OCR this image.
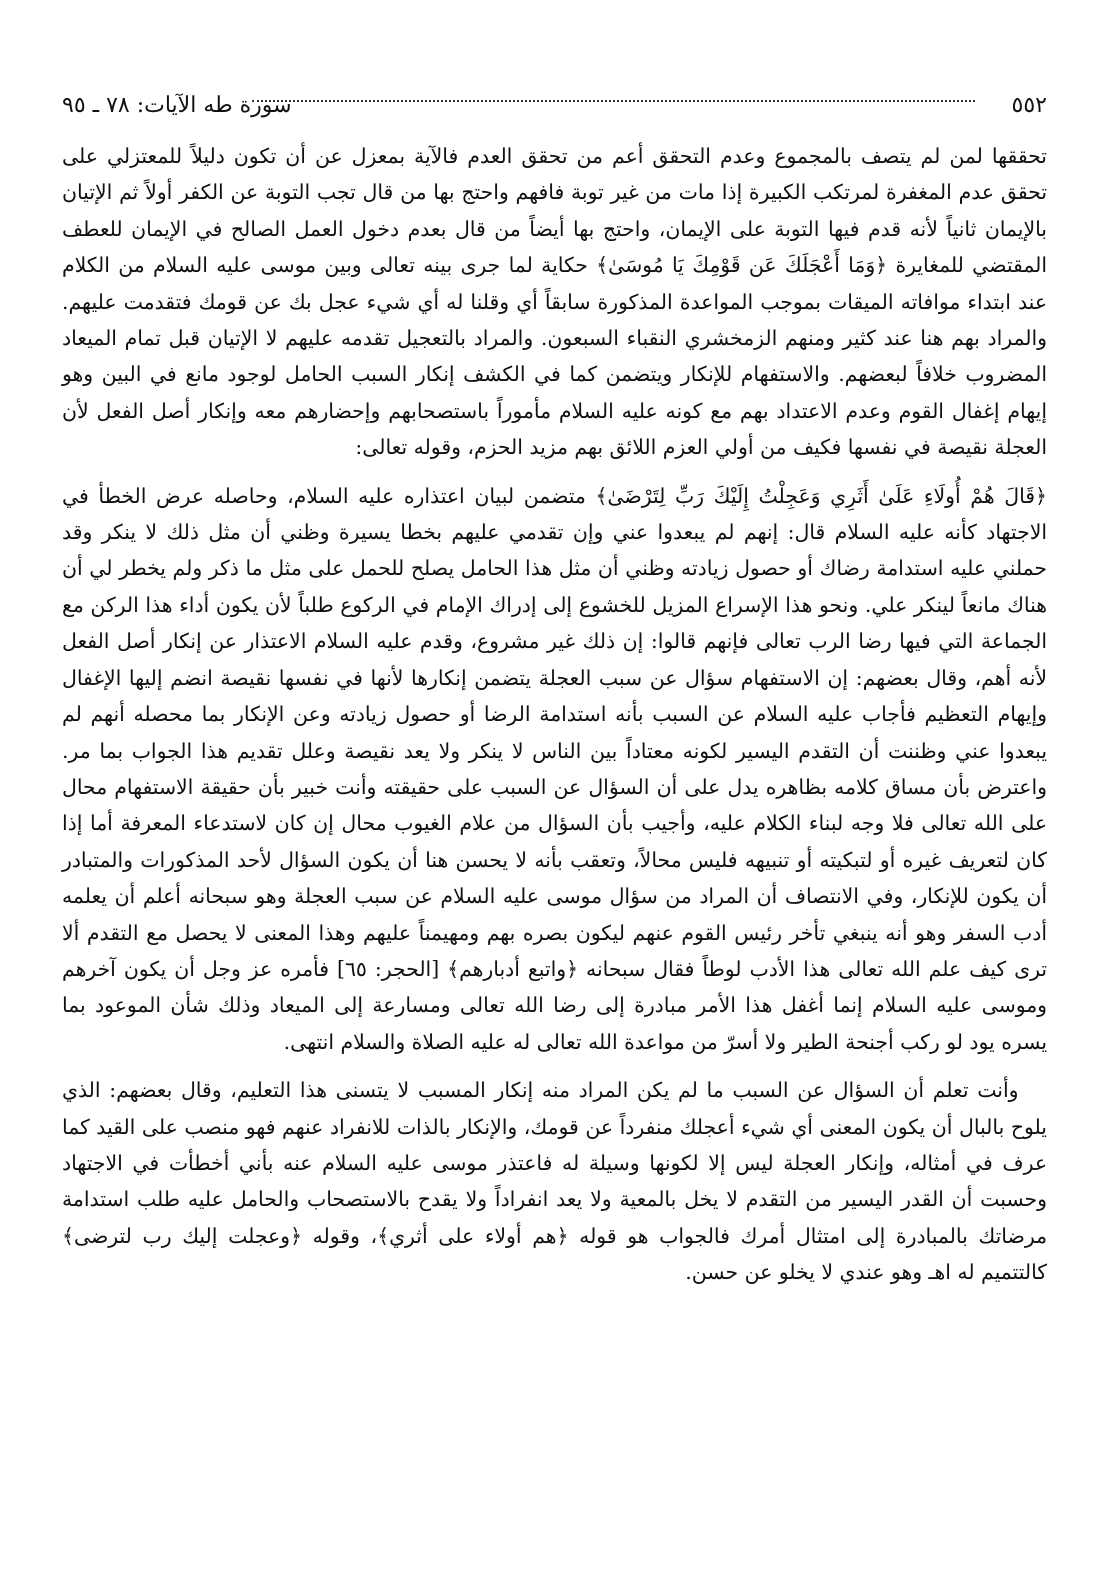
٥٥٢
سورة طه الآيات: ٧٨ ـ ٩٥

تحققها لمن لم يتصف بالمجموع وعدم التحقق أعم من تحقق العدم فالآية بمعزل عن أن تكون دليلاً للمعتزلي على تحقق عدم المغفرة لمرتكب الكبيرة إذا مات من غير توبة فافهم واحتج بها من قال تجب التوبة عن الكفر أولاً ثم الإتيان بالإيمان ثانياً لأنه قدم فيها التوبة على الإيمان، واحتج بها أيضاً من قال بعدم دخول العمل الصالح في الإيمان للعطف المقتضي للمغايرة ﴿وَمَا أَعْجَلَكَ عَن قَوْمِكَ يَا مُوسَىٰ﴾ حكاية لما جرى بينه تعالى وبين موسى عليه السلام من الكلام عند ابتداء موافاته الميقات بموجب المواعدة المذكورة سابقاً أي وقلنا له أي شيء عجل بك عن قومك فتقدمت عليهم. والمراد بهم هنا عند كثير ومنهم الزمخشري النقباء السبعون. والمراد بالتعجيل تقدمه عليهم لا الإتيان قبل تمام الميعاد المضروب خلافاً لبعضهم. والاستفهام للإنكار ويتضمن كما في الكشف إنكار السبب الحامل لوجود مانع في البين وهو إيهام إغفال القوم وعدم الاعتداد بهم مع كونه عليه السلام مأموراً باستصحابهم وإحضارهم معه وإنكار أصل الفعل لأن العجلة نقيصة في نفسها فكيف من أولي العزم اللائق بهم مزيد الحزم، وقوله تعالى:

﴿قَالَ هُمْ أُولَاءِ عَلَىٰ أَثَرِي وَعَجِلْتُ إِلَيْكَ رَبِّ لِتَرْضَىٰ﴾ متضمن لبيان اعتذاره عليه السلام، وحاصله عرض الخطأ في الاجتهاد كأنه عليه السلام قال: إنهم لم يبعدوا عني وإن تقدمي عليهم بخطا يسيرة وظني أن مثل ذلك لا ينكر وقد حملني عليه استدامة رضاك أو حصول زيادته وظني أن مثل هذا الحامل يصلح للحمل على مثل ما ذكر ولم يخطر لي أن هناك مانعاً لينكر علي. ونحو هذا الإسراع المزيل للخشوع إلى إدراك الإمام في الركوع طلباً لأن يكون أداء هذا الركن مع الجماعة التي فيها رضا الرب تعالى فإنهم قالوا: إن ذلك غير مشروع، وقدم عليه السلام الاعتذار عن إنكار أصل الفعل لأنه أهم، وقال بعضهم: إن الاستفهام سؤال عن سبب العجلة يتضمن إنكارها لأنها في نفسها نقيصة انضم إليها الإغفال وإيهام التعظيم فأجاب عليه السلام عن السبب بأنه استدامة الرضا أو حصول زيادته وعن الإنكار بما محصله أنهم لم يبعدوا عني وظننت أن التقدم اليسير لكونه معتاداً بين الناس لا ينكر ولا يعد نقيصة وعلل تقديم هذا الجواب بما مر. واعترض بأن مساق كلامه بظاهره يدل على أن السؤال عن السبب على حقيقته وأنت خبير بأن حقيقة الاستفهام محال على الله تعالى فلا وجه لبناء الكلام عليه، وأجيب بأن السؤال من علام الغيوب محال إن كان لاستدعاء المعرفة أما إذا كان لتعريف غيره أو لتبكيته أو تنبيهه فليس محالاً، وتعقب بأنه لا يحسن هنا أن يكون السؤال لأحد المذكورات والمتبادر أن يكون للإنكار، وفي الانتصاف أن المراد من سؤال موسى عليه السلام عن سبب العجلة وهو سبحانه أعلم أن يعلمه أدب السفر وهو أنه ينبغي تأخر رئيس القوم عنهم ليكون بصره بهم ومهيمناً عليهم وهذا المعنى لا يحصل مع التقدم ألا ترى كيف علم الله تعالى هذا الأدب لوطاً فقال سبحانه ﴿واتبع أدبارهم﴾ [الحجر: ٦٥] فأمره عز وجل أن يكون آخرهم وموسى عليه السلام إنما أغفل هذا الأمر مبادرة إلى رضا الله تعالى ومسارعة إلى الميعاد وذلك شأن الموعود بما يسره يود لو ركب أجنحة الطير ولا أسرّ من مواعدة الله تعالى له عليه الصلاة والسلام انتهى.

وأنت تعلم أن السؤال عن السبب ما لم يكن المراد منه إنكار المسبب لا يتسنى هذا التعليم، وقال بعضهم: الذي يلوح بالبال أن يكون المعنى أي شيء أعجلك منفرداً عن قومك، والإنكار بالذات للانفراد عنهم فهو منصب على القيد كما عرف في أمثاله، وإنكار العجلة ليس إلا لكونها وسيلة له فاعتذر موسى عليه السلام عنه بأني أخطأت في الاجتهاد وحسبت أن القدر اليسير من التقدم لا يخل بالمعية ولا يعد انفراداً ولا يقدح بالاستصحاب والحامل عليه طلب استدامة مرضاتك بالمبادرة إلى امتثال أمرك فالجواب هو قوله ﴿هم أولاء على أثري﴾، وقوله ﴿وعجلت إليك رب لترضى﴾ كالتتميم له اهـ وهو عندي لا يخلو عن حسن.
